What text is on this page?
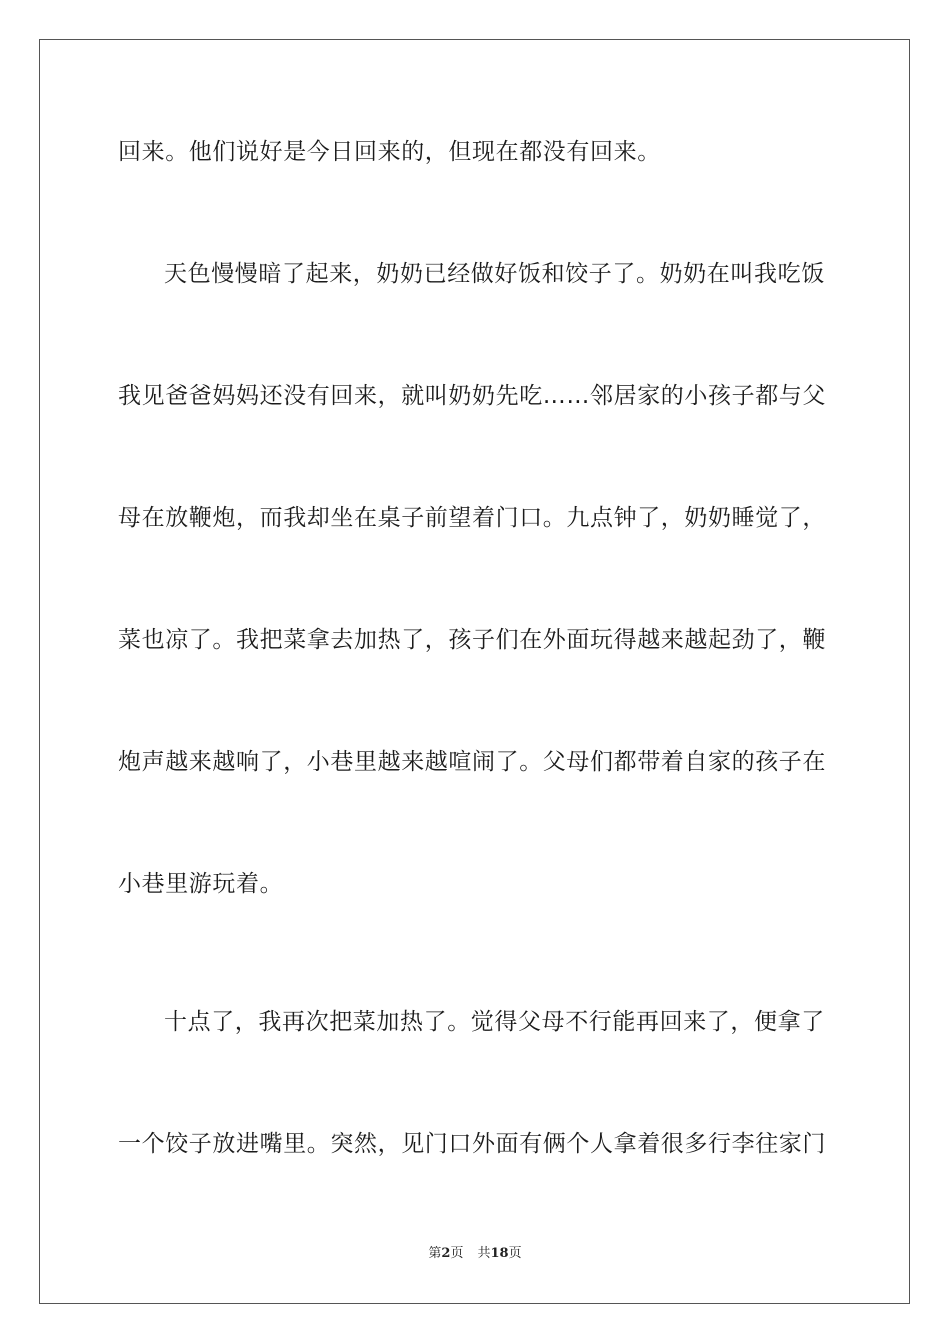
回来。他们说好是今日回来的，但现在都没有回来。
天色慢慢暗了起来，奶奶已经做好饭和饺子了。奶奶在叫我吃饭
我见爸爸妈妈还没有回来，就叫奶奶先吃……邻居家的小孩子都与父
母在放鞭炮，而我却坐在桌子前望着门口。九点钟了，奶奶睡觉了，
菜也凉了。我把菜拿去加热了，孩子们在外面玩得越来越起劲了，鞭
炮声越来越响了，小巷里越来越喧闹了。父母们都带着自家的孩子在
小巷里游玩着。
十点了，我再次把菜加热了。觉得父母不行能再回来了，便拿了
一个饺子放进嘴里。突然，见门口外面有俩个人拿着很多行李往家门
第2页 共18页
